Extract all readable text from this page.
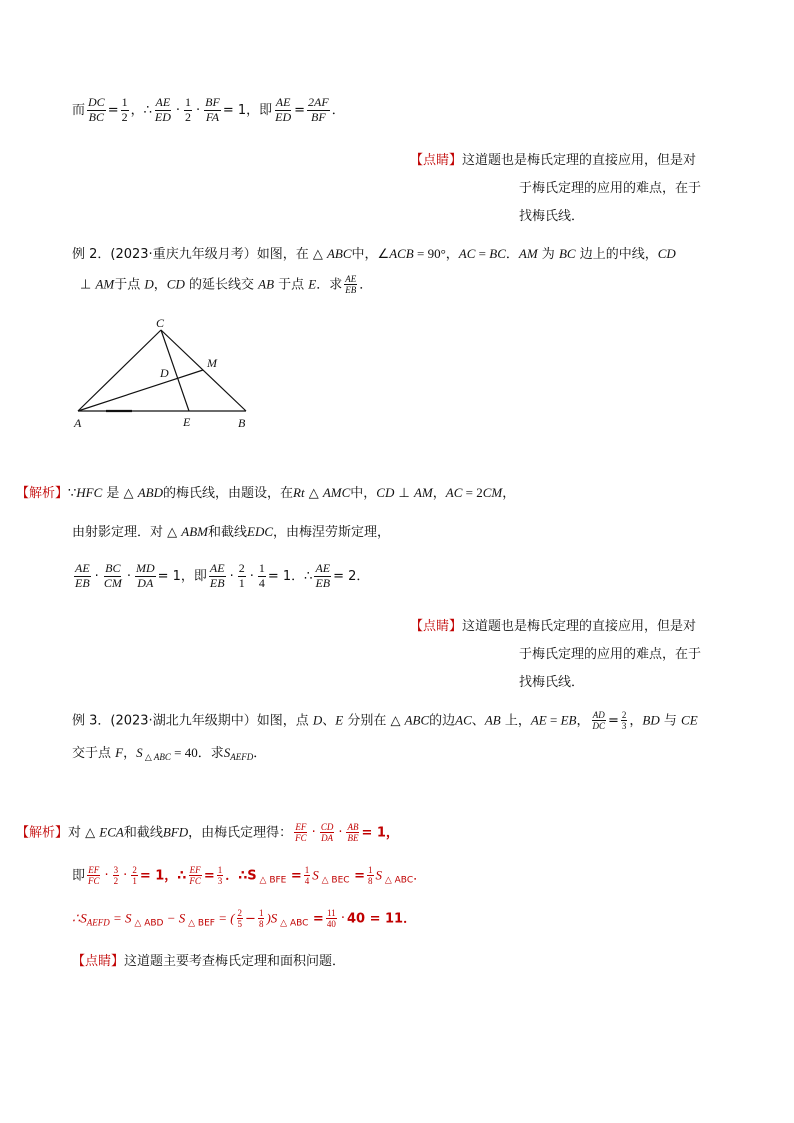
而 $\frac{DC}{BC} = \frac{1}{2}$ ，∴ $\frac{AE}{ED} \cdot \frac{1}{2} \cdot \frac{BF}{FA} = 1$，即 $\frac{AE}{ED} = \frac{2AF}{BF}$ ．
【点睛】这道题也是梅氏定理的直接应用，但是对
于梅氏定理的应用的难点，在于
找梅氏线．
例 2．(2023·重庆九年级月考）如图，在 △ ABC中，∠ACB = 90°，AC = BC．AM 为 BC 边上的中线，CD
⊥ AM于点 D，CD 的延长线交 AB 于点 E．求 $\frac{AE}{EB}$ ．
C
M
D
A	E	B
【解析】∵HFC 是 △ ABD的梅氏线，由题设，在Rt △ AMC中，CD ⊥ AM，AC = 2CM，
由射影定理．对 △ ABM和截线EDC，由梅涅劳斯定理，
$\frac{AE}{EB} \cdot \frac{BC}{CM} \cdot \frac{MD}{DA} = 1$，即 $\frac{AE}{EB} \cdot \frac{2}{1} \cdot \frac{1}{4} = 1$．∴ $\frac{AE}{EB} = 2$．
【点睛】这道题也是梅氏定理的直接应用，但是对
于梅氏定理的应用的难点，在于
找梅氏线．
例 3．(2023·湖北九年级期中）如图，点 D、E 分别在 △ ABC的边AC、AB 上，AE = EB， $\frac{AD}{DC} = \frac{2}{3}$ ，BD 与 CE
交于点 F，S $_{\triangle ABC}$ = 40．求$S_{AEFD}$．
【解析】对 △ ECA和截线BFD，由梅氏定理得： $\frac{EF}{FC} \cdot \frac{CD}{DA} \cdot \frac{AB}{BE} = 1$，
即 $\frac{EF}{FC} \cdot \frac{3}{2} \cdot \frac{2}{1} = 1$，∴ $\frac{EF}{FC} = \frac{1}{3}$ ．∴S $_{\triangle BFE} = \frac{1}{4}$ S $_{\triangle BEC} = \frac{1}{8}$ S $_{\triangle ABC}$．
$\therefore S_{AEFD} = S$ $_{\triangle ABD}$ − S $_{\triangle BEF}$ = ( $\frac{2}{5} - \frac{1}{8} )S$ $_{\triangle ABC} = \frac{11}{40} \cdot 40 = 11$．
【点睛】这道题主要考查梅氏定理和面积问题．
